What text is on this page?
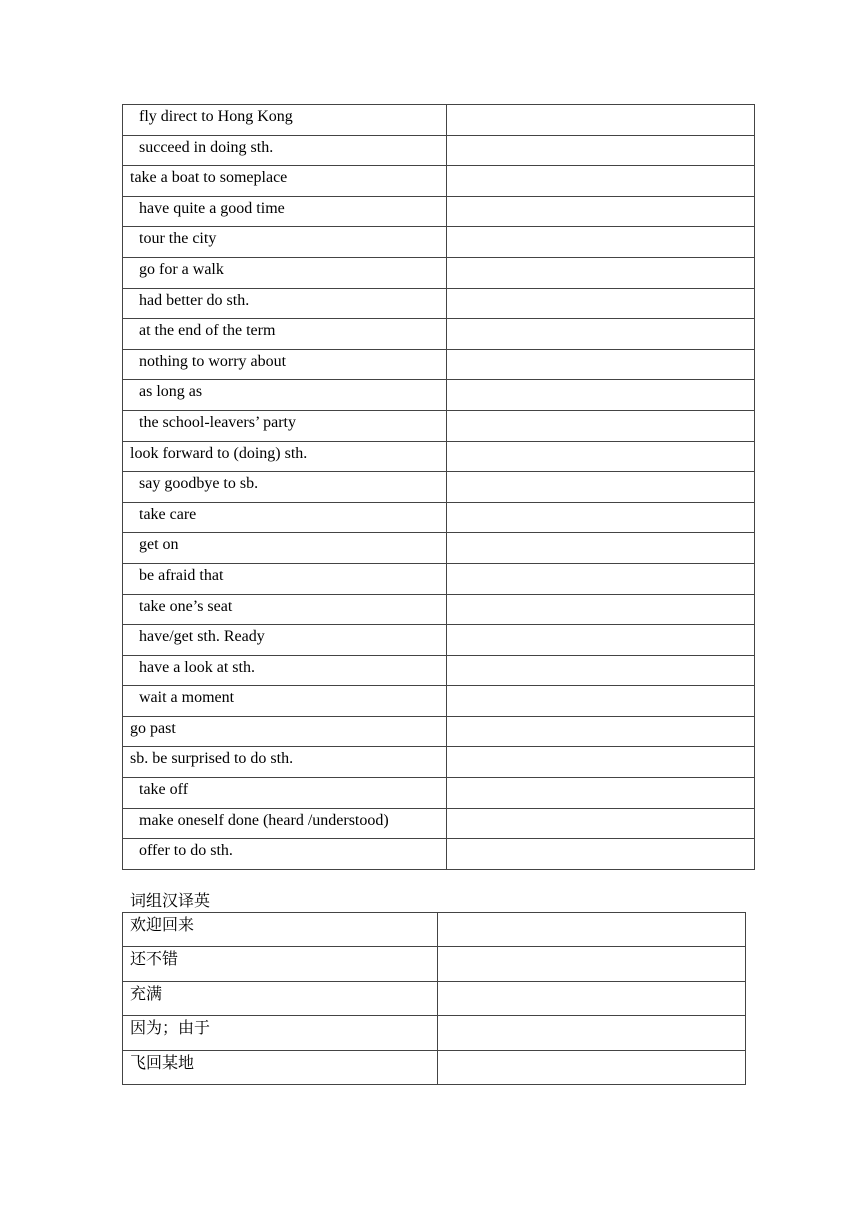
fly direct to Hong Kong	
succeed in doing sth.	
take a boat to someplace	
have quite a good time	
tour the city	
go for a walk	
had better do sth.	
at the end of the term	
nothing to worry about	
as long as	
the school-leavers’ party	
look forward to (doing) sth.	
say goodbye to sb.	
take care	
get on	
be afraid that	
take one’s seat	
have/get sth. Ready	
have a look at sth.	
wait a moment	
go past	
sb. be surprised to do sth.	
take off	
make oneself done (heard /understood)	
offer to do sth.	
词组汉译英
欢迎回来	
还不错	
充满	
因为；由于	
飞回某地	
